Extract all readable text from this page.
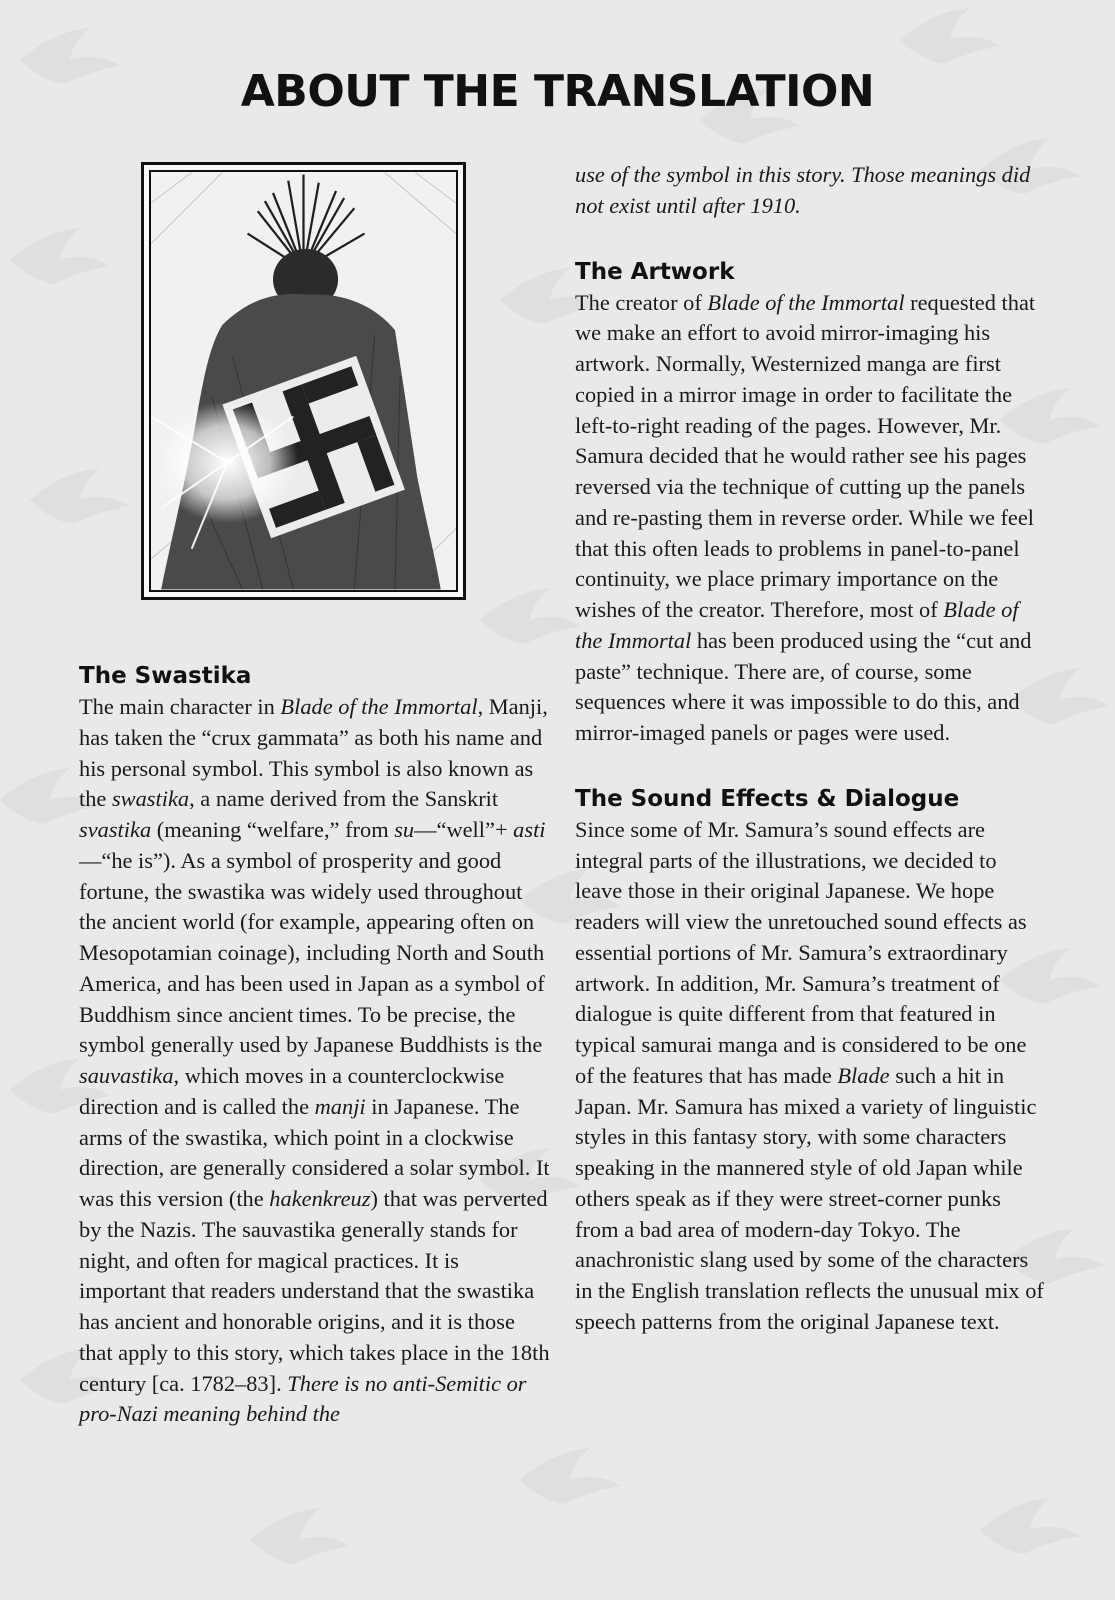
ABOUT THE TRANSLATION
The Swastika

The main character in Blade of the Immortal, Manji, has taken the “crux gammata” as both his name and his personal symbol. This symbol is also known as the swastika, a name derived from the Sanskrit svastika (meaning “welfare,” from su—“well”+ asti—“he is”). As a symbol of prosperity and good fortune, the swastika was widely used throughout the ancient world (for example, appearing often on Mesopotamian coinage), including North and South America, and has been used in Japan as a symbol of Buddhism since ancient times. To be precise, the symbol generally used by Japanese Buddhists is the sauvastika, which moves in a counterclockwise direction and is called the manji in Japanese. The arms of the swastika, which point in a clockwise direction, are generally considered a solar symbol. It was this version (the hakenkreuz) that was perverted by the Nazis. The sauvastika generally stands for night, and often for magical practices. It is important that readers understand that the swastika has ancient and honorable origins, and it is those that apply to this story, which takes place in the 18th century [ca. 1782–83]. There is no anti-Semitic or pro-Nazi meaning behind the

use of the symbol in this story. Those meanings did not exist until after 1910.

The Artwork

The creator of Blade of the Immortal requested that we make an effort to avoid mirror-imaging his artwork. Normally, Westernized manga are first copied in a mirror image in order to facilitate the left-to-right reading of the pages. However, Mr. Samura decided that he would rather see his pages reversed via the technique of cutting up the panels and re-pasting them in reverse order. While we feel that this often leads to problems in panel-to-panel continuity, we place primary importance on the wishes of the creator. Therefore, most of Blade of the Immortal has been produced using the “cut and paste” technique. There are, of course, some sequences where it was impossible to do this, and mirror-imaged panels or pages were used.

The Sound Effects & Dialogue

Since some of Mr. Samura’s sound effects are integral parts of the illustrations, we decided to leave those in their original Japanese. We hope readers will view the unretouched sound effects as essential portions of Mr. Samura’s extraordinary artwork. In addition, Mr. Samura’s treatment of dialogue is quite different from that featured in typical samurai manga and is considered to be one of the features that has made Blade such a hit in Japan. Mr. Samura has mixed a variety of linguistic styles in this fantasy story, with some characters speaking in the mannered style of old Japan while others speak as if they were street-corner punks from a bad area of modern-day Tokyo. The anachronistic slang used by some of the characters in the English translation reflects the unusual mix of speech patterns from the original Japanese text.
